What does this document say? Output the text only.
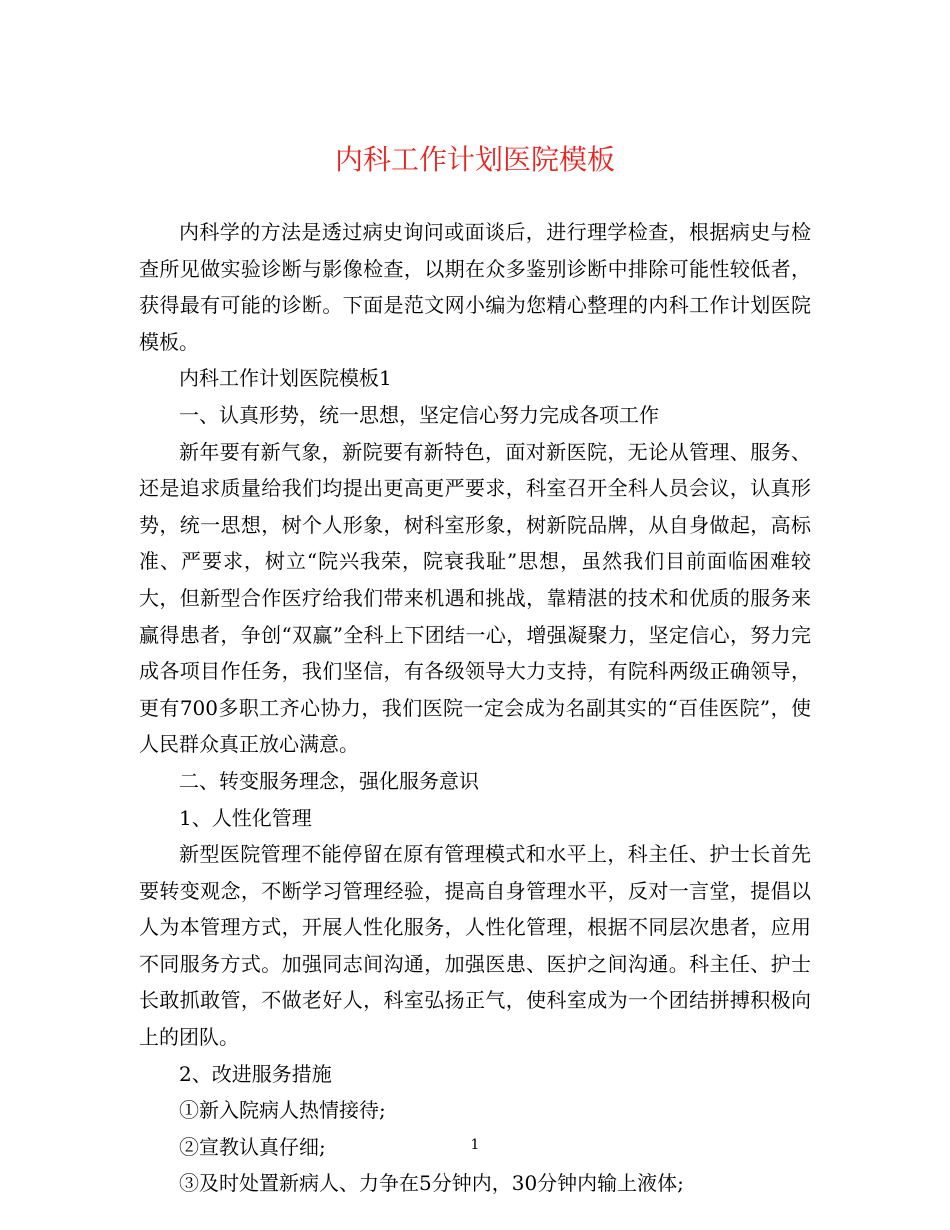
内科工作计划医院模板

内科学的方法是透过病史询问或面谈后，进行理学检查，根据病史与检查所见做实验诊断与影像检查，以期在众多鉴别诊断中排除可能性较低者，获得最有可能的诊断。下面是范文网小编为您精心整理的内科工作计划医院模板。

内科工作计划医院模板1

一、认真形势，统一思想，坚定信心努力完成各项工作

新年要有新气象，新院要有新特色，面对新医院，无论从管理、服务、还是追求质量给我们均提出更高更严要求，科室召开全科人员会议，认真形势，统一思想，树个人形象，树科室形象，树新院品牌，从自身做起，高标准、严要求，树立“院兴我荣，院衰我耻”思想，虽然我们目前面临困难较大，但新型合作医疗给我们带来机遇和挑战，靠精湛的技术和优质的服务来赢得患者，争创“双赢”全科上下团结一心，增强凝聚力，坚定信心，努力完成各项目作任务，我们坚信，有各级领导大力支持，有院科两级正确领导，更有700多职工齐心协力，我们医院一定会成为名副其实的“百佳医院”，使人民群众真正放心满意。

二、转变服务理念，强化服务意识

1、人性化管理

新型医院管理不能停留在原有管理模式和水平上，科主任、护士长首先要转变观念，不断学习管理经验，提高自身管理水平，反对一言堂，提倡以人为本管理方式，开展人性化服务，人性化管理，根据不同层次患者，应用不同服务方式。加强同志间沟通，加强医患、医护之间沟通。科主任、护士长敢抓敢管，不做老好人，科室弘扬正气，使科室成为一个团结拼搏积极向上的团队。

2、改进服务措施

①新入院病人热情接待;

②宣教认真仔细;

③及时处置新病人、力争在5分钟内，30分钟内输上液体;

1
